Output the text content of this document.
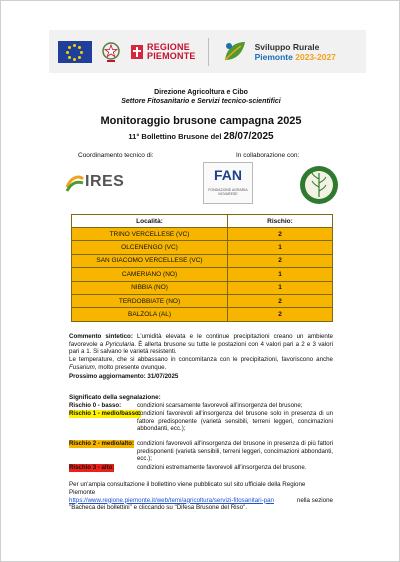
REGIONE
PIEMONTE
Sviluppo Rurale
Piemonte 2023-2027
Direzione Agricoltura e Cibo
Settore Fitosanitario e Servizi tecnico-scientifici
Monitoraggio brusone campagna 2025
11° Bollettino Brusone del 28/07/2025
Coordinamento tecnico di:	In collaborazione con:
IRES	FAN
FONDAZIONE AGRARIA NOVARESE
Località:	Rischio:
TRINO VERCELLESE (VC)	2
OLCENENGO (VC)	1
SAN GIACOMO VERCELLESE (VC)	2
CAMERIANO (NO)	1
NIBBIA (NO)	1
TERDOBBIATE (NO)	2
BALZOLA (AL)	2
Commento sintetico: L'umidità elevata e le continue precipitazioni creano un ambiente favorevole a Pyricularia. È allerta brusone su tutte le postazioni con 4 valori pari a 2 e 3 valori pari a 1. Si salvano le varietà resistenti.
Le temperature, che si abbassano in concomitanza con le precipitazioni, favoriscono anche Fusarium, molto presente ovunque.
Prossimo aggiornamento: 31/07/2025
Significato della segnalazione:
Rischio 0 - basso:	condizioni scarsamente favorevoli all'insorgenza del brusone;
Rischio 1 - medio/basso:
condizioni favorevoli all'insorgenza del brusone solo in presenza di un fattore predisponente (varietà sensibili, terreni leggeri, concimazioni abbondanti, ecc.);
Rischio 2 - medio/alto: condizioni favorevoli all'insorgenza del brusone in presenza di più fattori predisponenti (varietà sensibili, terreni leggeri, concimazioni abbondanti, ecc.);
Rischio 3 - alto:	condizioni estremamente favorevoli all'insorgenza del brusone.
Per un'ampia consultazione il bollettino viene pubblicato sul sito ufficiale della Regione Piemonte
https://www.regione.piemonte.it/web/temi/agricoltura/servizi-fitosanitari-pan	nella sezione
"Bacheca dei bollettini" e cliccando su "Difesa Brusone del Riso".
